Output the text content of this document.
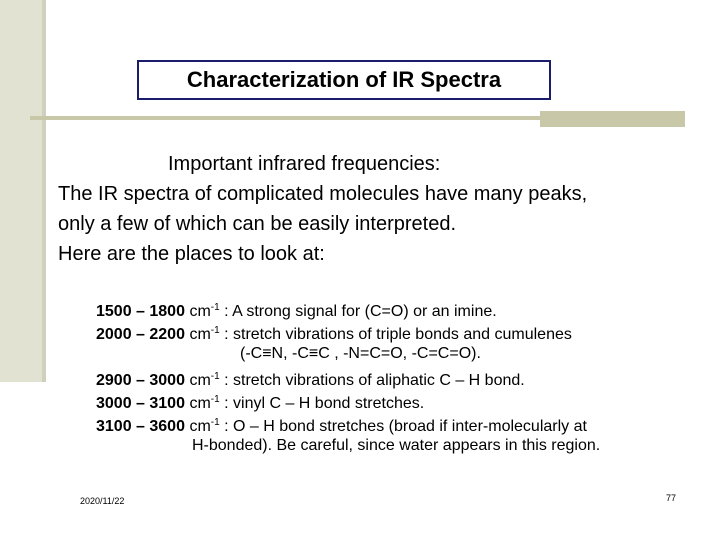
Characterization of IR Spectra
Important infrared frequencies:
The IR spectra of complicated molecules have many peaks,
only a few of which can be easily interpreted.
Here are the places to look at:
1500 – 1800 $cm^{-1}$ : A strong signal for (C=O) or an imine.
2000 – 2200 $cm^{-1}$ : stretch vibrations of triple bonds and cumulenes
(-C≡N, -C≡C , -N=C=O, -C=C=O).
2900 – 3000 $cm^{-1}$ : stretch vibrations of aliphatic C – H bond.
3000 – 3100 $cm^{-1}$ : vinyl C – H bond stretches.
3100 – 3600 $cm^{-1}$ : O – H bond stretches (broad if inter-molecularly at
H-bonded). Be careful, since water appears in this region.
2020/11/22	77
